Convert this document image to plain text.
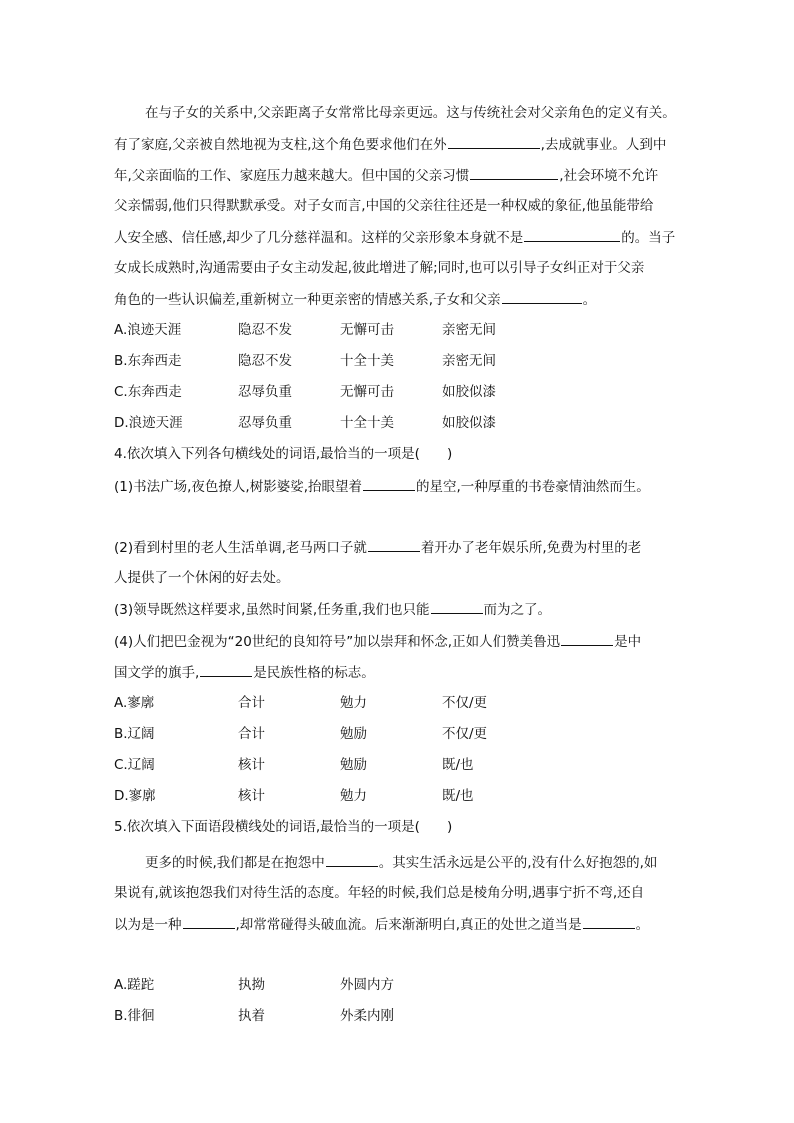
在与子女的关系中,父亲距离子女常常比母亲更远。这与传统社会对父亲角色的定义有关。
有了家庭,父亲被自然地视为支柱,这个角色要求他们在外	,去成就事业。人到中
年,父亲面临的工作、家庭压力越来越大。但中国的父亲习惯	,社会环境不允许
父亲懦弱,他们只得默默承受。对子女而言,中国的父亲往往还是一种权威的象征,他虽能带给
人安全感、信任感,却少了几分慈祥温和。这样的父亲形象本身就不是	的。当子
女成长成熟时,沟通需要由子女主动发起,彼此增进了解;同时,也可以引导子女纠正对于父亲
角色的一些认识偏差,重新树立一种更亲密的情感关系,子女和父亲	。
A.浪迹天涯	隐忍不发	无懈可击	亲密无间
B.东奔西走	隐忍不发	十全十美	亲密无间
C.东奔西走	忍辱负重	无懈可击	如胶似漆
D.浪迹天涯	忍辱负重	十全十美	如胶似漆
4.依次填入下列各句横线处的词语,最恰当的一项是(　　)
(1)书法广场,夜色撩人,树影婆娑,抬眼望着	的星空,一种厚重的书卷豪情油然而生。
(2)看到村里的老人生活单调,老马两口子就	着开办了老年娱乐所,免费为村里的老
人提供了一个休闲的好去处。
(3)领导既然这样要求,虽然时间紧,任务重,我们也只能	而为之了。
(4)人们把巴金视为“20世纪的良知符号”加以崇拜和怀念,正如人们赞美鲁迅	是中
国文学的旗手,	是民族性格的标志。
A.寥廓	合计	勉力	不仅/更
B.辽阔	合计	勉励	不仅/更
C.辽阔	核计	勉励	既/也
D.寥廓	核计	勉力	既/也
5.依次填入下面语段横线处的词语,最恰当的一项是(　　)
更多的时候,我们都是在抱怨中	。其实生活永远是公平的,没有什么好抱怨的,如
果说有,就该抱怨我们对待生活的态度。年轻的时候,我们总是棱角分明,遇事宁折不弯,还自
以为是一种	,却常常碰得头破血流。后来渐渐明白,真正的处世之道当是	。
A.蹉跎	执拗	外圆内方
B.徘徊	执着	外柔内刚
